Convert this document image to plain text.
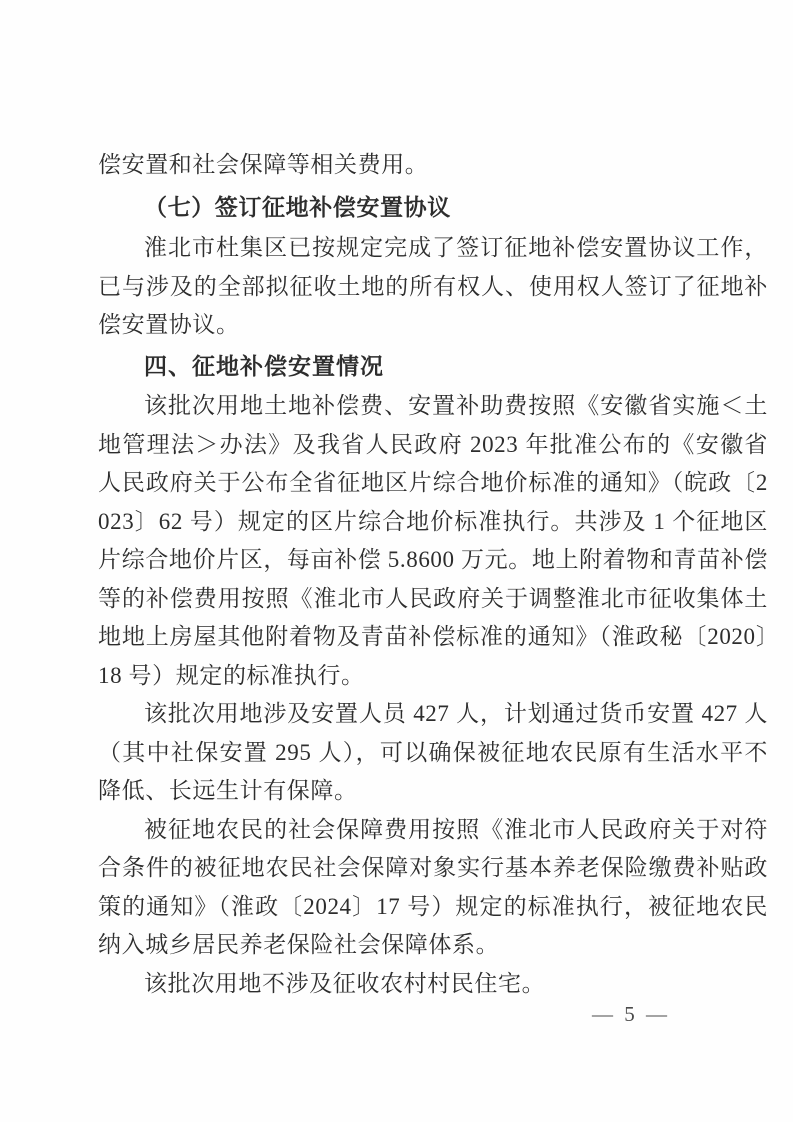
偿安置和社会保障等相关费用。

（七）签订征地补偿安置协议

淮北市杜集区已按规定完成了签订征地补偿安置协议工作，已与涉及的全部拟征收土地的所有权人、使用权人签订了征地补偿安置协议。

四、征地补偿安置情况

该批次用地土地补偿费、安置补助费按照《安徽省实施＜土地管理法＞办法》及我省人民政府 2023 年批准公布的《安徽省人民政府关于公布全省征地区片综合地价标准的通知》（皖政〔2023〕62 号）规定的区片综合地价标准执行。共涉及 1 个征地区片综合地价片区，每亩补偿 5.8600 万元。地上附着物和青苗补偿等的补偿费用按照《淮北市人民政府关于调整淮北市征收集体土地地上房屋其他附着物及青苗补偿标准的通知》（淮政秘〔2020〕18 号）规定的标准执行。

该批次用地涉及安置人员 427 人，计划通过货币安置 427 人（其中社保安置 295 人），可以确保被征地农民原有生活水平不降低、长远生计有保障。

被征地农民的社会保障费用按照《淮北市人民政府关于对符合条件的被征地农民社会保障对象实行基本养老保险缴费补贴政策的通知》（淮政〔2024〕17 号）规定的标准执行，被征地农民纳入城乡居民养老保险社会保障体系。

该批次用地不涉及征收农村村民住宅。

— 5 —
